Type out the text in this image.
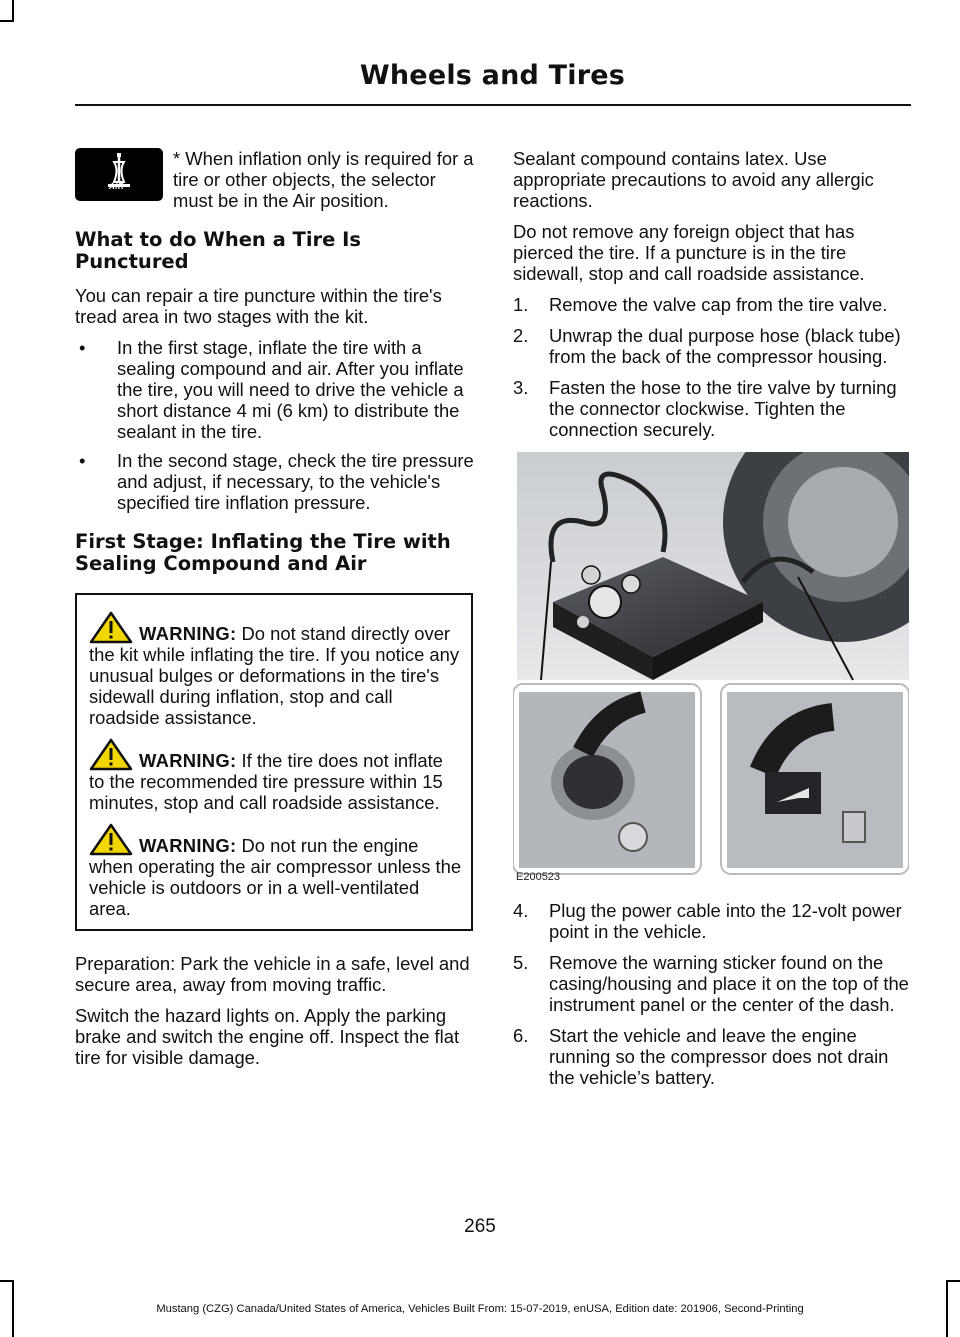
Wheels and Tires
AIR

* When inflation only is required for a tire or other objects, the selector must be in the Air position.

What to do When a Tire Is Punctured

You can repair a tire puncture within the tire's tread area in two stages with the kit.

• In the first stage, inflate the tire with a sealing compound and air. After you inflate the tire, you will need to drive the vehicle a short distance 4 mi (6 km) to distribute the sealant in the tire.
• In the second stage, check the tire pressure and adjust, if necessary, to the vehicle's specified tire inflation pressure.
First Stage: Inflating the Tire with Sealing Compound and Air

WARNING: Do not stand directly over the kit while inflating the tire. If you notice any unusual bulges or deformations in the tire's sidewall during inflation, stop and call roadside assistance.

WARNING: If the tire does not inflate to the recommended tire pressure within 15 minutes, stop and call roadside assistance.

WARNING: Do not run the engine when operating the air compressor unless the vehicle is outdoors or in a well-ventilated area.

Preparation: Park the vehicle in a safe, level and secure area, away from moving traffic.

Switch the hazard lights on. Apply the parking brake and switch the engine off. Inspect the flat tire for visible damage.

Sealant compound contains latex. Use appropriate precautions to avoid any allergic reactions.

Do not remove any foreign object that has pierced the tire. If a puncture is in the tire sidewall, stop and call roadside assistance.

1. Remove the valve cap from the tire valve.
2. Unwrap the dual purpose hose (black tube) from the back of the compressor housing.
3. Fasten the hose to the tire valve by turning the connector clockwise. Tighten the connection securely.
E200523
4. Plug the power cable into the 12-volt power point in the vehicle.
5. Remove the warning sticker found on the casing/housing and place it on the top of the instrument panel or the center of the dash.
6. Start the vehicle and leave the engine running so the compressor does not drain the vehicle’s battery.
265
Mustang (CZG) Canada/United States of America, Vehicles Built From: 15-07-2019, enUSA, Edition date: 201906, Second-Printing
